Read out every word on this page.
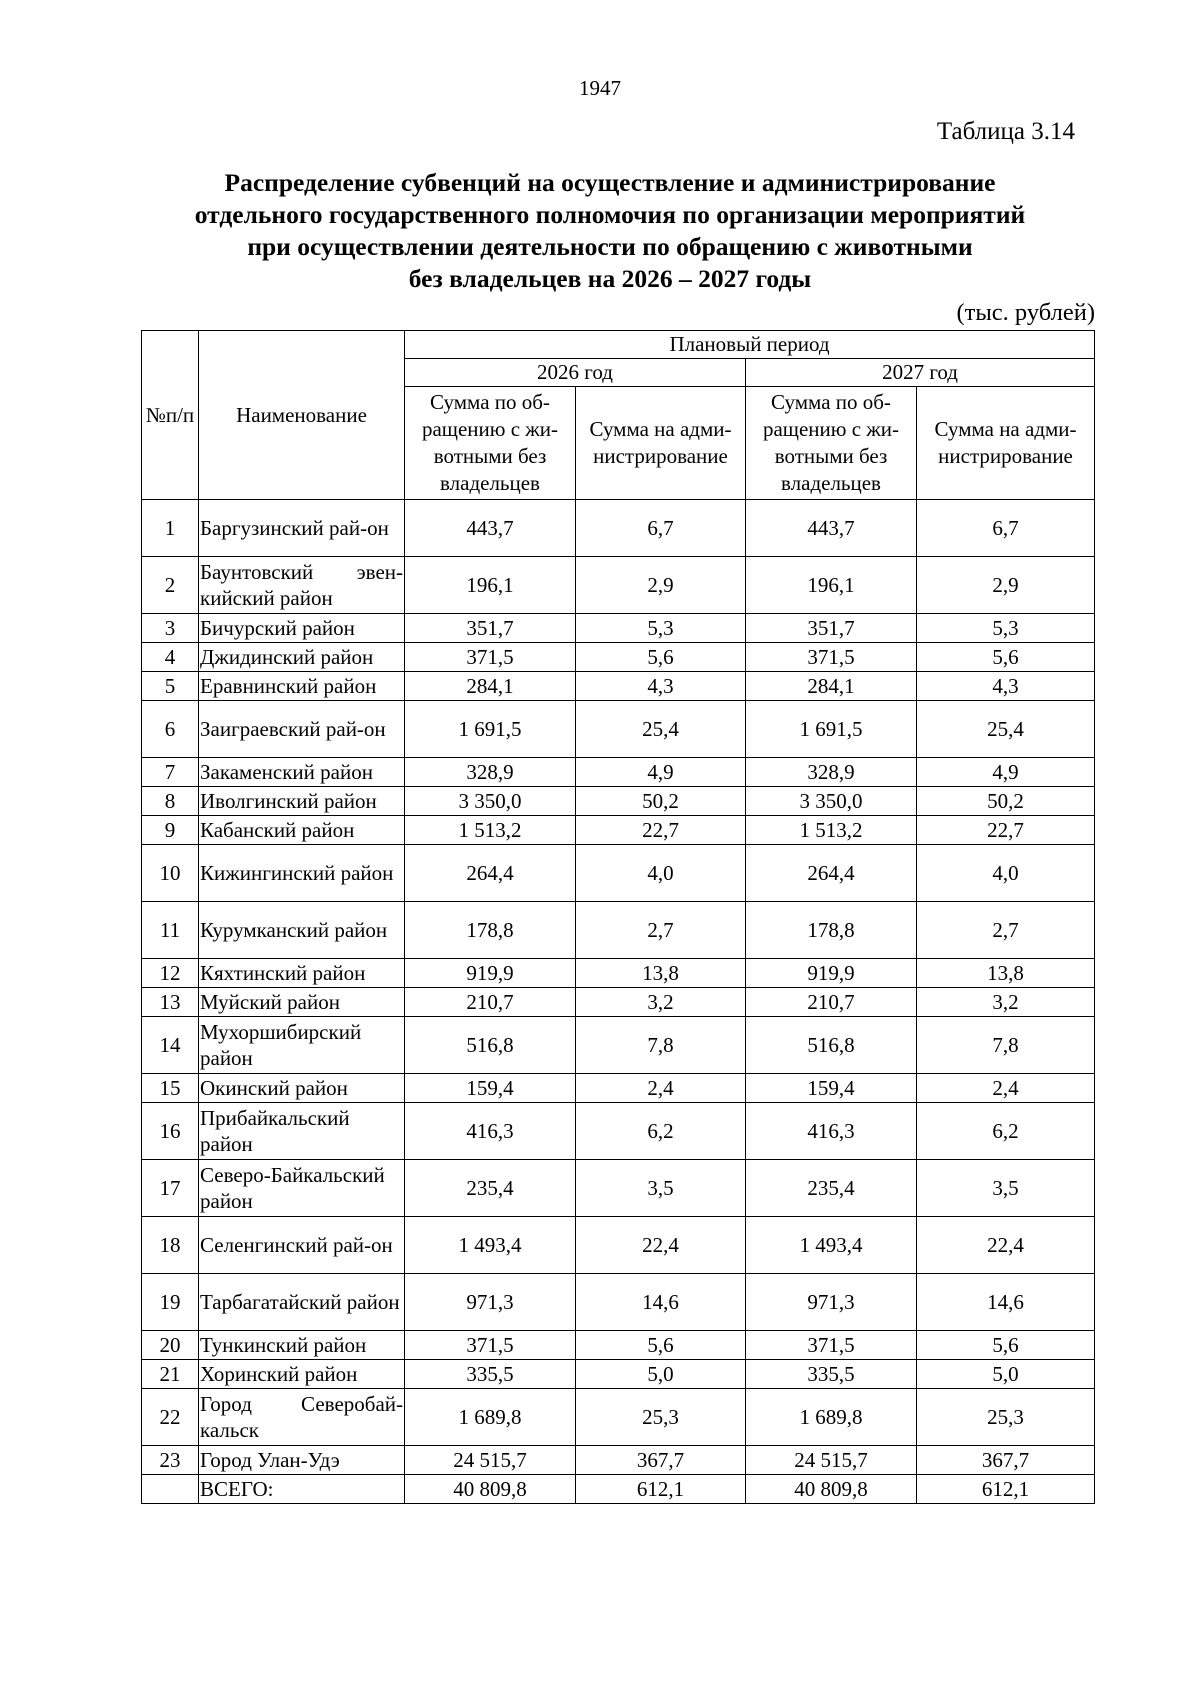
1947
Таблица 3.14
Распределение субвенций на осуществление и администрирование
отдельного государственного полномочия по организации мероприятий
при осуществлении деятельности по обращению с животными
без владельцев на 2026 – 2027 годы
(тыс. рублей)
№п/п	Наименование	Плановый период			
		2026 год		2027 год	
		Сумма по об-ращению с жи-вотными без владельцев	Сумма на адми-нистрирование	Сумма по об-ращению с жи-вотными без владельцев	Сумма на адми-нистрирование
1	Баргузинский рай-он	443,7	6,7	443,7	6,7
2	Баунтовский эвен-кийский район	196,1	2,9	196,1	2,9
3	Бичурский район	351,7	5,3	351,7	5,3
4	Джидинский район	371,5	5,6	371,5	5,6
5	Еравнинский район	284,1	4,3	284,1	4,3
6	Заиграевский рай-он	1 691,5	25,4	1 691,5	25,4
7	Закаменский район	328,9	4,9	328,9	4,9
8	Иволгинский район	3 350,0	50,2	3 350,0	50,2
9	Кабанский район	1 513,2	22,7	1 513,2	22,7
10	Кижингинский район	264,4	4,0	264,4	4,0
11	Курумканский район	178,8	2,7	178,8	2,7
12	Кяхтинский район	919,9	13,8	919,9	13,8
13	Муйский район	210,7	3,2	210,7	3,2
14	Мухоршибирский район	516,8	7,8	516,8	7,8
15	Окинский район	159,4	2,4	159,4	2,4
16	Прибайкальский район	416,3	6,2	416,3	6,2
17	Северо-Байкальский район	235,4	3,5	235,4	3,5
18	Селенгинский рай-он	1 493,4	22,4	1 493,4	22,4
19	Тарбагатайский район	971,3	14,6	971,3	14,6
20	Тункинский район	371,5	5,6	371,5	5,6
21	Хоринский район	335,5	5,0	335,5	5,0
22	Город Северобай-кальск	1 689,8	25,3	1 689,8	25,3
23	Город Улан-Удэ	24 515,7	367,7	24 515,7	367,7
	ВСЕГО:	40 809,8	612,1	40 809,8	612,1
